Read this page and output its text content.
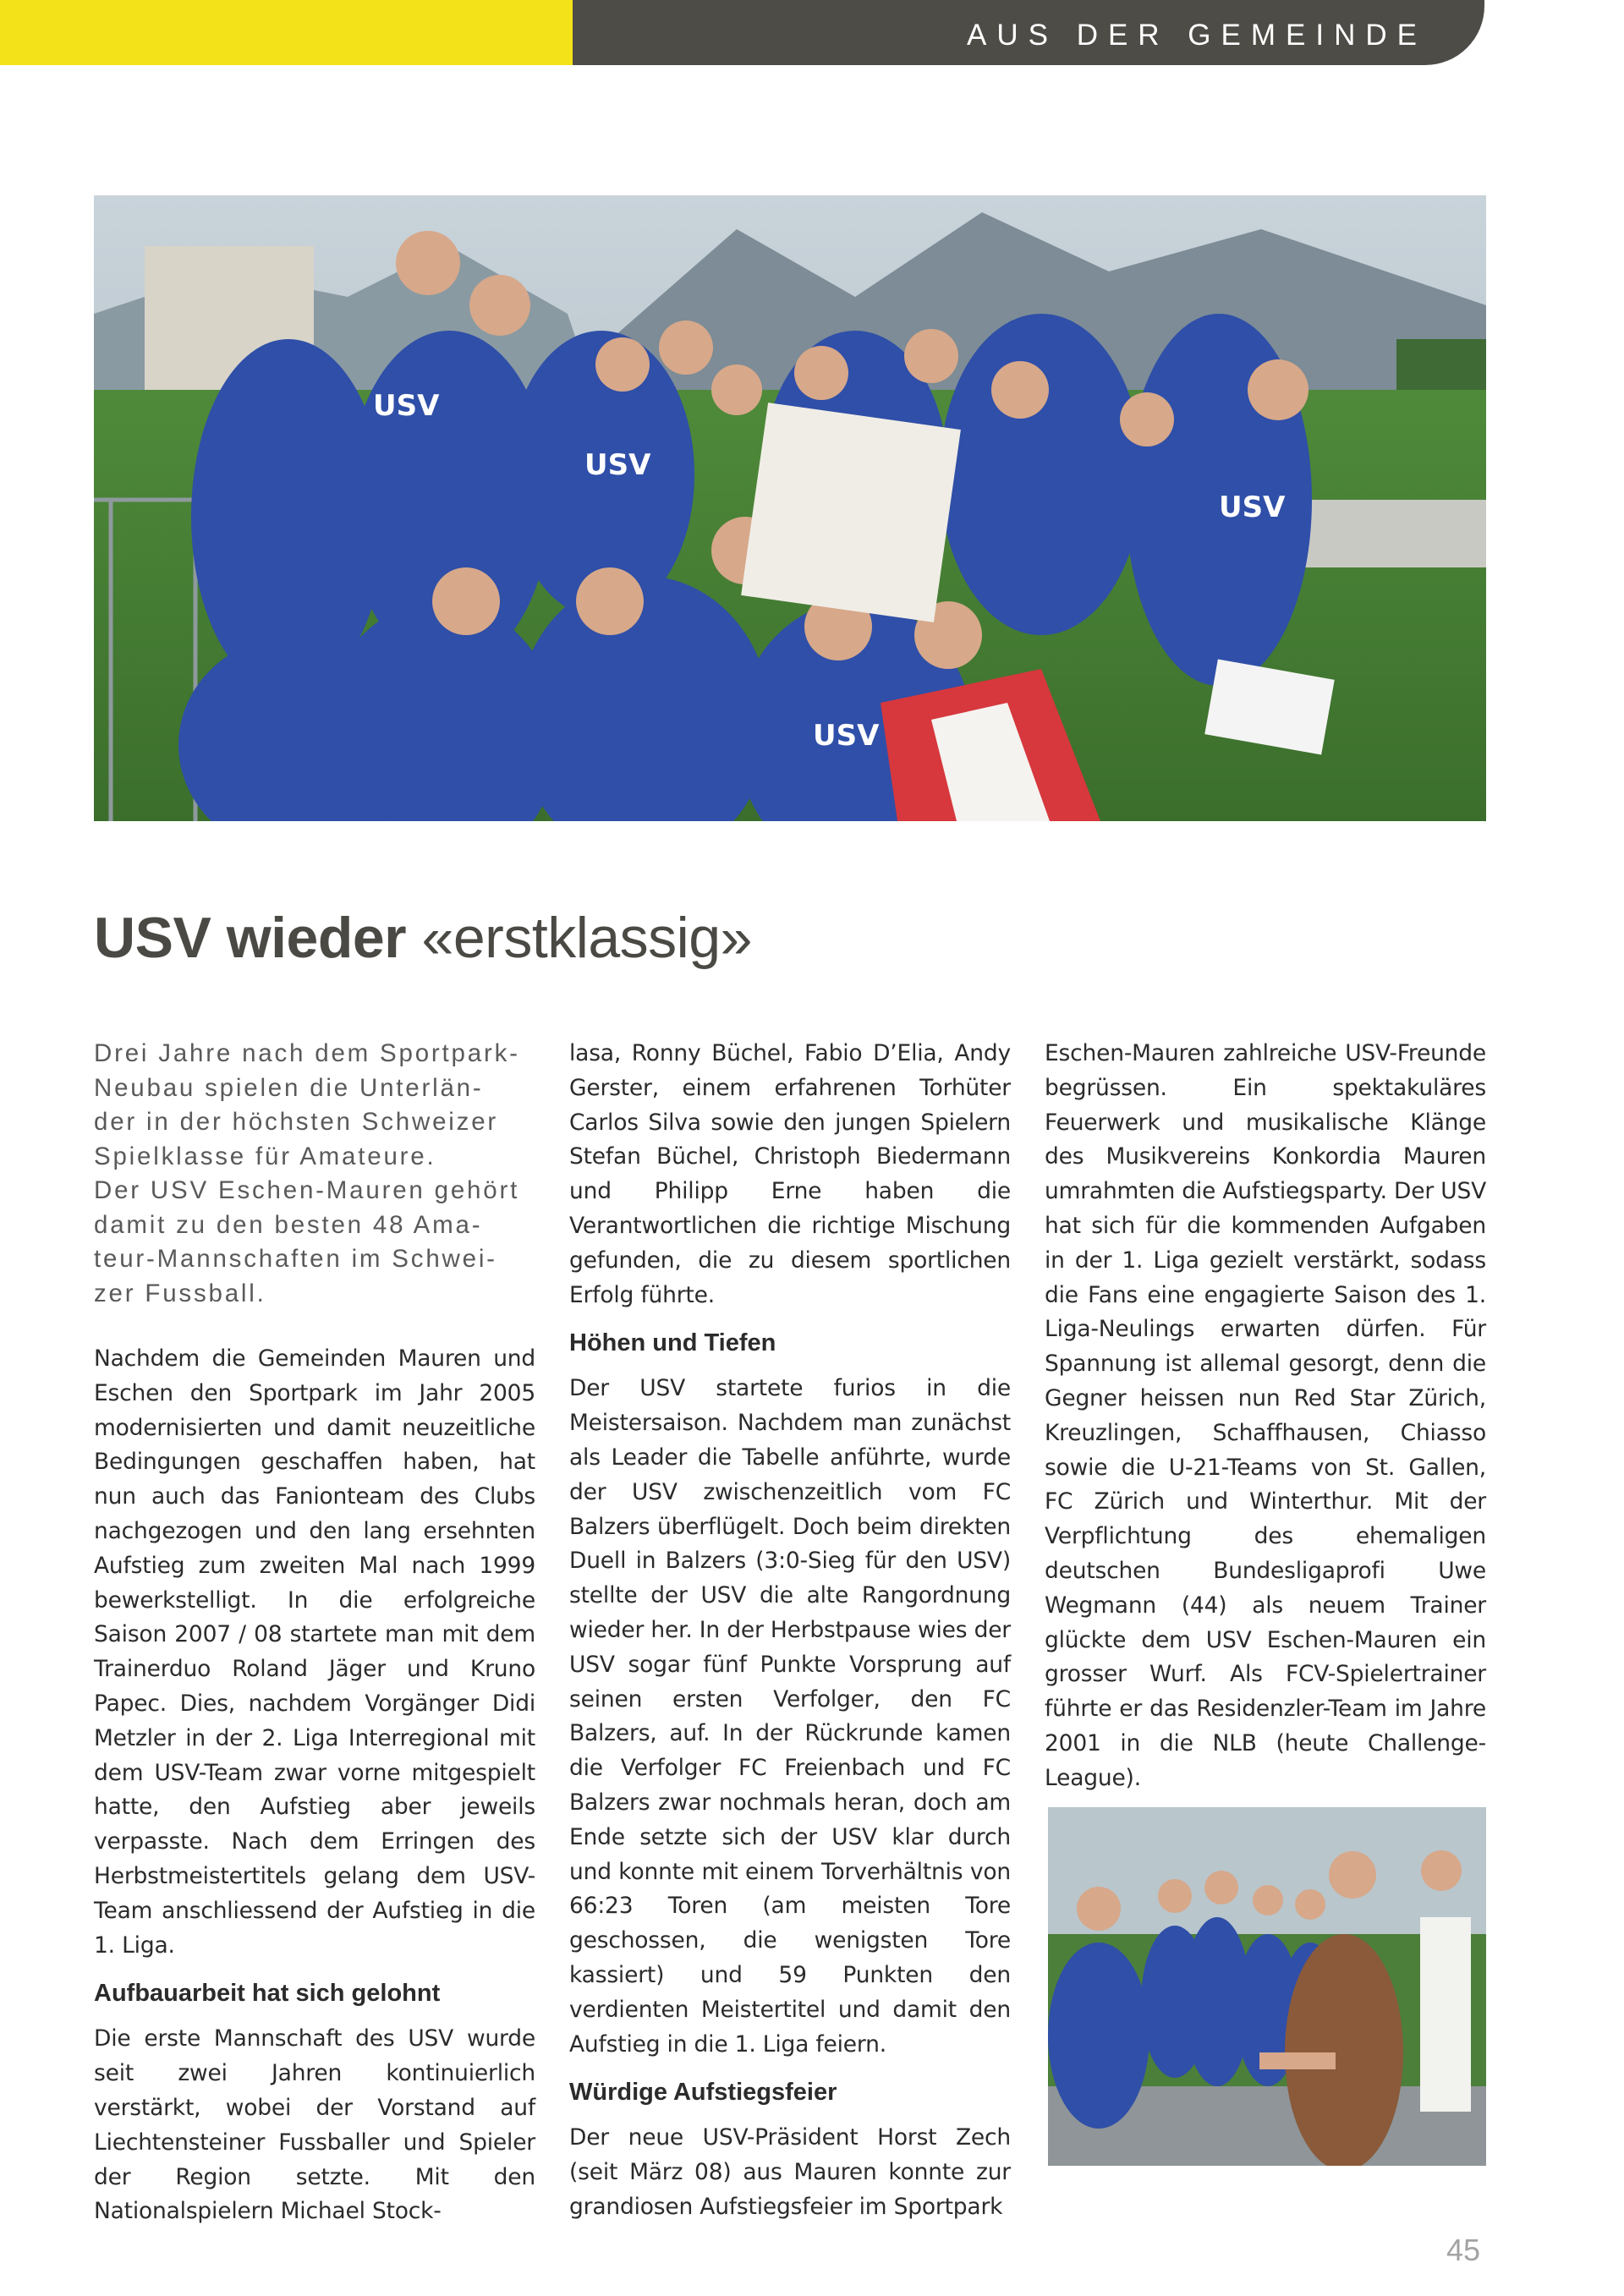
AUS DER GEMEINDE
USV
USV
USV
USV
USV wieder «erstklassig»

Drei Jahre nach dem Sportpark-
Neubau spielen die Unterlän-
der in der höchsten Schweizer
Spielklasse für Amateure.
Der USV Eschen-Mauren gehört
damit zu den besten 48 Ama-
teur-Mannschaften im Schwei-
zer Fussball.

Nachdem die Gemeinden Mauren und Eschen den Sportpark im Jahr 2005 modernisierten und damit neuzeitliche Bedingungen geschaffen haben, hat nun auch das Fanionteam des Clubs nachgezogen und den lang ersehnten Aufstieg zum zweiten Mal nach 1999 bewerkstelligt. In die erfolgreiche Saison 2007 / 08 startete man mit dem Trainerduo Roland Jäger und Kruno Papec. Dies, nachdem Vorgänger Didi Metzler in der 2. Liga Interregional mit dem USV-Team zwar vorne mitgespielt hatte, den Aufstieg aber jeweils verpasste. Nach dem Erringen des Herbstmeistertitels gelang dem USV-Team anschliessend der Aufstieg in die 1. Liga.

Aufbauarbeit hat sich gelohnt

Die erste Mannschaft des USV wurde seit zwei Jahren kontinuierlich verstärkt, wobei der Vorstand auf Liechtensteiner Fussballer und Spieler der Region setzte. Mit den Nationalspielern Michael Stock-

lasa, Ronny Büchel, Fabio D’Elia, Andy Gerster, einem erfahrenen Torhüter Carlos Silva sowie den jungen Spielern Stefan Büchel, Christoph Biedermann und Philipp Erne haben die Verantwortlichen die richtige Mischung gefunden, die zu diesem sportlichen Erfolg führte.

Höhen und Tiefen

Der USV startete furios in die Meistersaison. Nachdem man zunächst als Leader die Tabelle anführte, wurde der USV zwischenzeitlich vom FC Balzers überflügelt. Doch beim direkten Duell in Balzers (3:0-Sieg für den USV) stellte der USV die alte Rangordnung wieder her. In der Herbstpause wies der USV sogar fünf Punkte Vorsprung auf seinen ersten Verfolger, den FC Balzers, auf. In der Rückrunde kamen die Verfolger FC Freienbach und FC Balzers zwar nochmals heran, doch am Ende setzte sich der USV klar durch und konnte mit einem Torverhältnis von 66:23 Toren (am meisten Tore geschossen, die wenigsten Tore kassiert) und 59 Punkten den verdienten Meistertitel und damit den Aufstieg in die 1. Liga feiern.

Würdige Aufstiegsfeier

Der neue USV-Präsident Horst Zech (seit März 08) aus Mauren konnte zur grandiosen Aufstiegsfeier im Sportpark

Eschen-Mauren zahlreiche USV-Freunde begrüssen. Ein spektakuläres Feuerwerk und musikalische Klänge des Musikvereins Konkordia Mauren umrahmten die Aufstiegsparty. Der USV hat sich für die kommenden Aufgaben in der 1. Liga gezielt verstärkt, sodass die Fans eine engagierte Saison des 1. Liga-Neulings erwarten dürfen. Für Spannung ist allemal gesorgt, denn die Gegner heissen nun Red Star Zürich, Kreuzlingen, Schaffhausen, Chiasso sowie die U-21-Teams von St. Gallen, FC Zürich und Winterthur. Mit der Verpflichtung des ehemaligen deutschen Bundesligaprofi Uwe Wegmann (44) als neuem Trainer glückte dem USV Eschen-Mauren ein grosser Wurf. Als FCV-Spielertrainer führte er das Residenzler-Team im Jahre 2001 in die NLB (heute Challenge-League).

45
